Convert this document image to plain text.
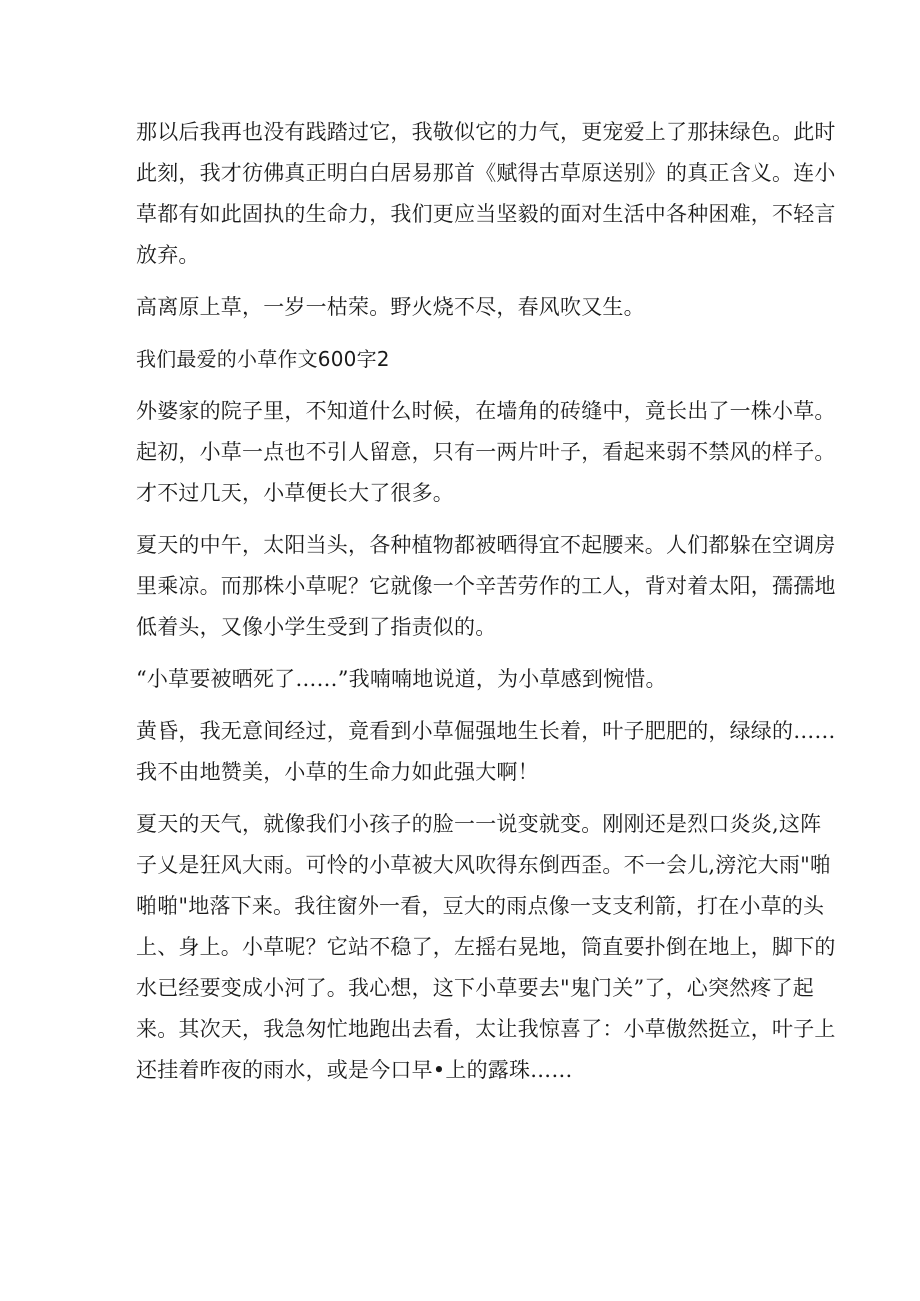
那以后我再也没有践踏过它，我敬似它的力气，更宠爱上了那抹绿色。此时
此刻，我才彷佛真正明白白居易那首《赋得古草原送别》的真正含义。连小
草都有如此固执的生命力，我们更应当坚毅的面对生活中各种困难，不轻言
放弃。
高离原上草，一岁一枯荣。野火烧不尽，春风吹又生。
我们最爱的小草作文600字2
外婆家的院子里，不知道什么时候，在墙角的砖缝中，竟长出了一株小草。
起初，小草一点也不引人留意，只有一两片叶子，看起来弱不禁风的样子。
才不过几天，小草便长大了很多。
夏天的中午，太阳当头，各种植物都被晒得宜不起腰来。人们都躲在空调房
里乘凉。而那株小草呢？它就像一个辛苦劳作的工人，背对着太阳，孺孺地
低着头，又像小学生受到了指责似的。
“小草要被晒死了……”我喃喃地说道，为小草感到惋惜。
黄昏，我无意间经过，竟看到小草倔强地生长着，叶子肥肥的，绿绿的……
我不由地赞美，小草的生命力如此强大啊！
夏天的天气，就像我们小孩子的脸一一说变就变。刚刚还是烈口炎炎,这阵
子乂是狂风大雨。可怜的小草被大风吹得东倒西歪。不一会儿,滂沱大雨"啪
啪啪"地落下来。我往窗外一看，豆大的雨点像一支支利箭，打在小草的头
上、身上。小草呢？它站不稳了，左摇右晃地，筒直要扑倒在地上，脚下的
水已经要变成小河了。我心想，这下小草要去"鬼门关”了，心突然疼了起
来。其次天，我急匆忙地跑出去看，太让我惊喜了：小草傲然挺立，叶子上
还挂着昨夜的雨水，或是今口早•上的露珠……
